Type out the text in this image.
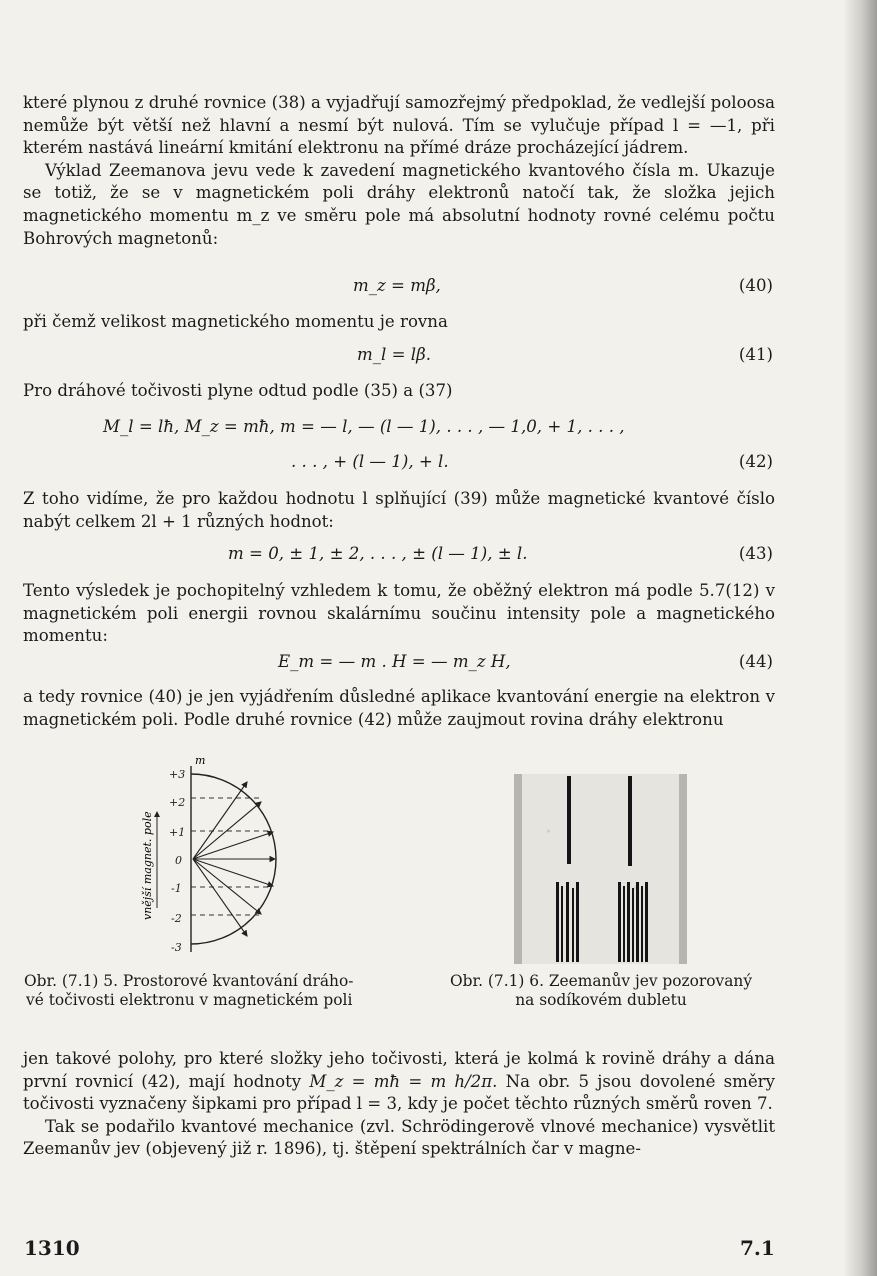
které plynou z druhé rovnice (38) a vyjadřují samozřejmý předpoklad, že vedlejší poloosa nemůže být větší než hlavní a nesmí být nulová. Tím se vylučuje případ l = —1, při kterém nastává lineární kmitání elektronu na přímé dráze procházející jádrem.

Výklad Zeemanova jevu vede k zavedení magnetického kvantového čísla m. Ukazuje se totiž, že se v magnetickém poli dráhy elektronů natočí tak, že složka jejich magnetického momentu m_z ve směru pole má absolutní hodnoty rovné celému počtu Bohrových magnetonů:

m_z = mβ,	(40)

při čemž velikost magnetického momentu je rovna

m_l = lβ.	(41)

Pro dráhové točivosti plyne odtud podle (35) a (37)

M_l = lħ, M_z = mħ, m = — l, — (l — 1), . . . , — 1,0, + 1, . . . ,
. . . , + (l — 1), + l.	(42)

Z toho vidíme, že pro každou hodnotu l splňující (39) může magnetické kvantové číslo nabýt celkem 2l + 1 různých hodnot:

m = 0, ± 1, ± 2, . . . , ± (l — 1), ± l.	(43)

Tento výsledek je pochopitelný vzhledem k tomu, že oběžný elektron má podle 5.7(12) v magnetickém poli energii rovnou skalárnímu součinu intensity pole a magnetického momentu:

E_m = — m . H = — m_z H,	(44)

a tedy rovnice (40) je jen vyjádřením důsledné aplikace kvantování energie na elektron v magnetickém poli. Podle druhé rovnice (42) může zaujmout rovina dráhy elektronu

m
+3
+2
+1
0
-1
-2
-3
vnější magnet. pole
Obr. (7.1) 5. Prostorové kvantování dráho-
vé točivosti elektronu v magnetickém poli
Obr. (7.1) 6. Zeemanův jev pozorovaný
na sodíkovém dubletu

jen takové polohy, pro které složky jeho točivosti, která je kolmá k rovině dráhy a dána první rovnicí (42), mají hodnoty M_z = mħ = m h/2π. Na obr. 5 jsou dovolené směry točivosti vyznačeny šipkami pro případ l = 3, kdy je počet těchto různých směrů roven 7.

Tak se podařilo kvantové mechanice (zvl. Schrödingerově vlnové mechanice) vysvětlit Zeemanův jev (objevený již r. 1896), tj. štěpení spektrálních čar v magne-

1310	7.1
